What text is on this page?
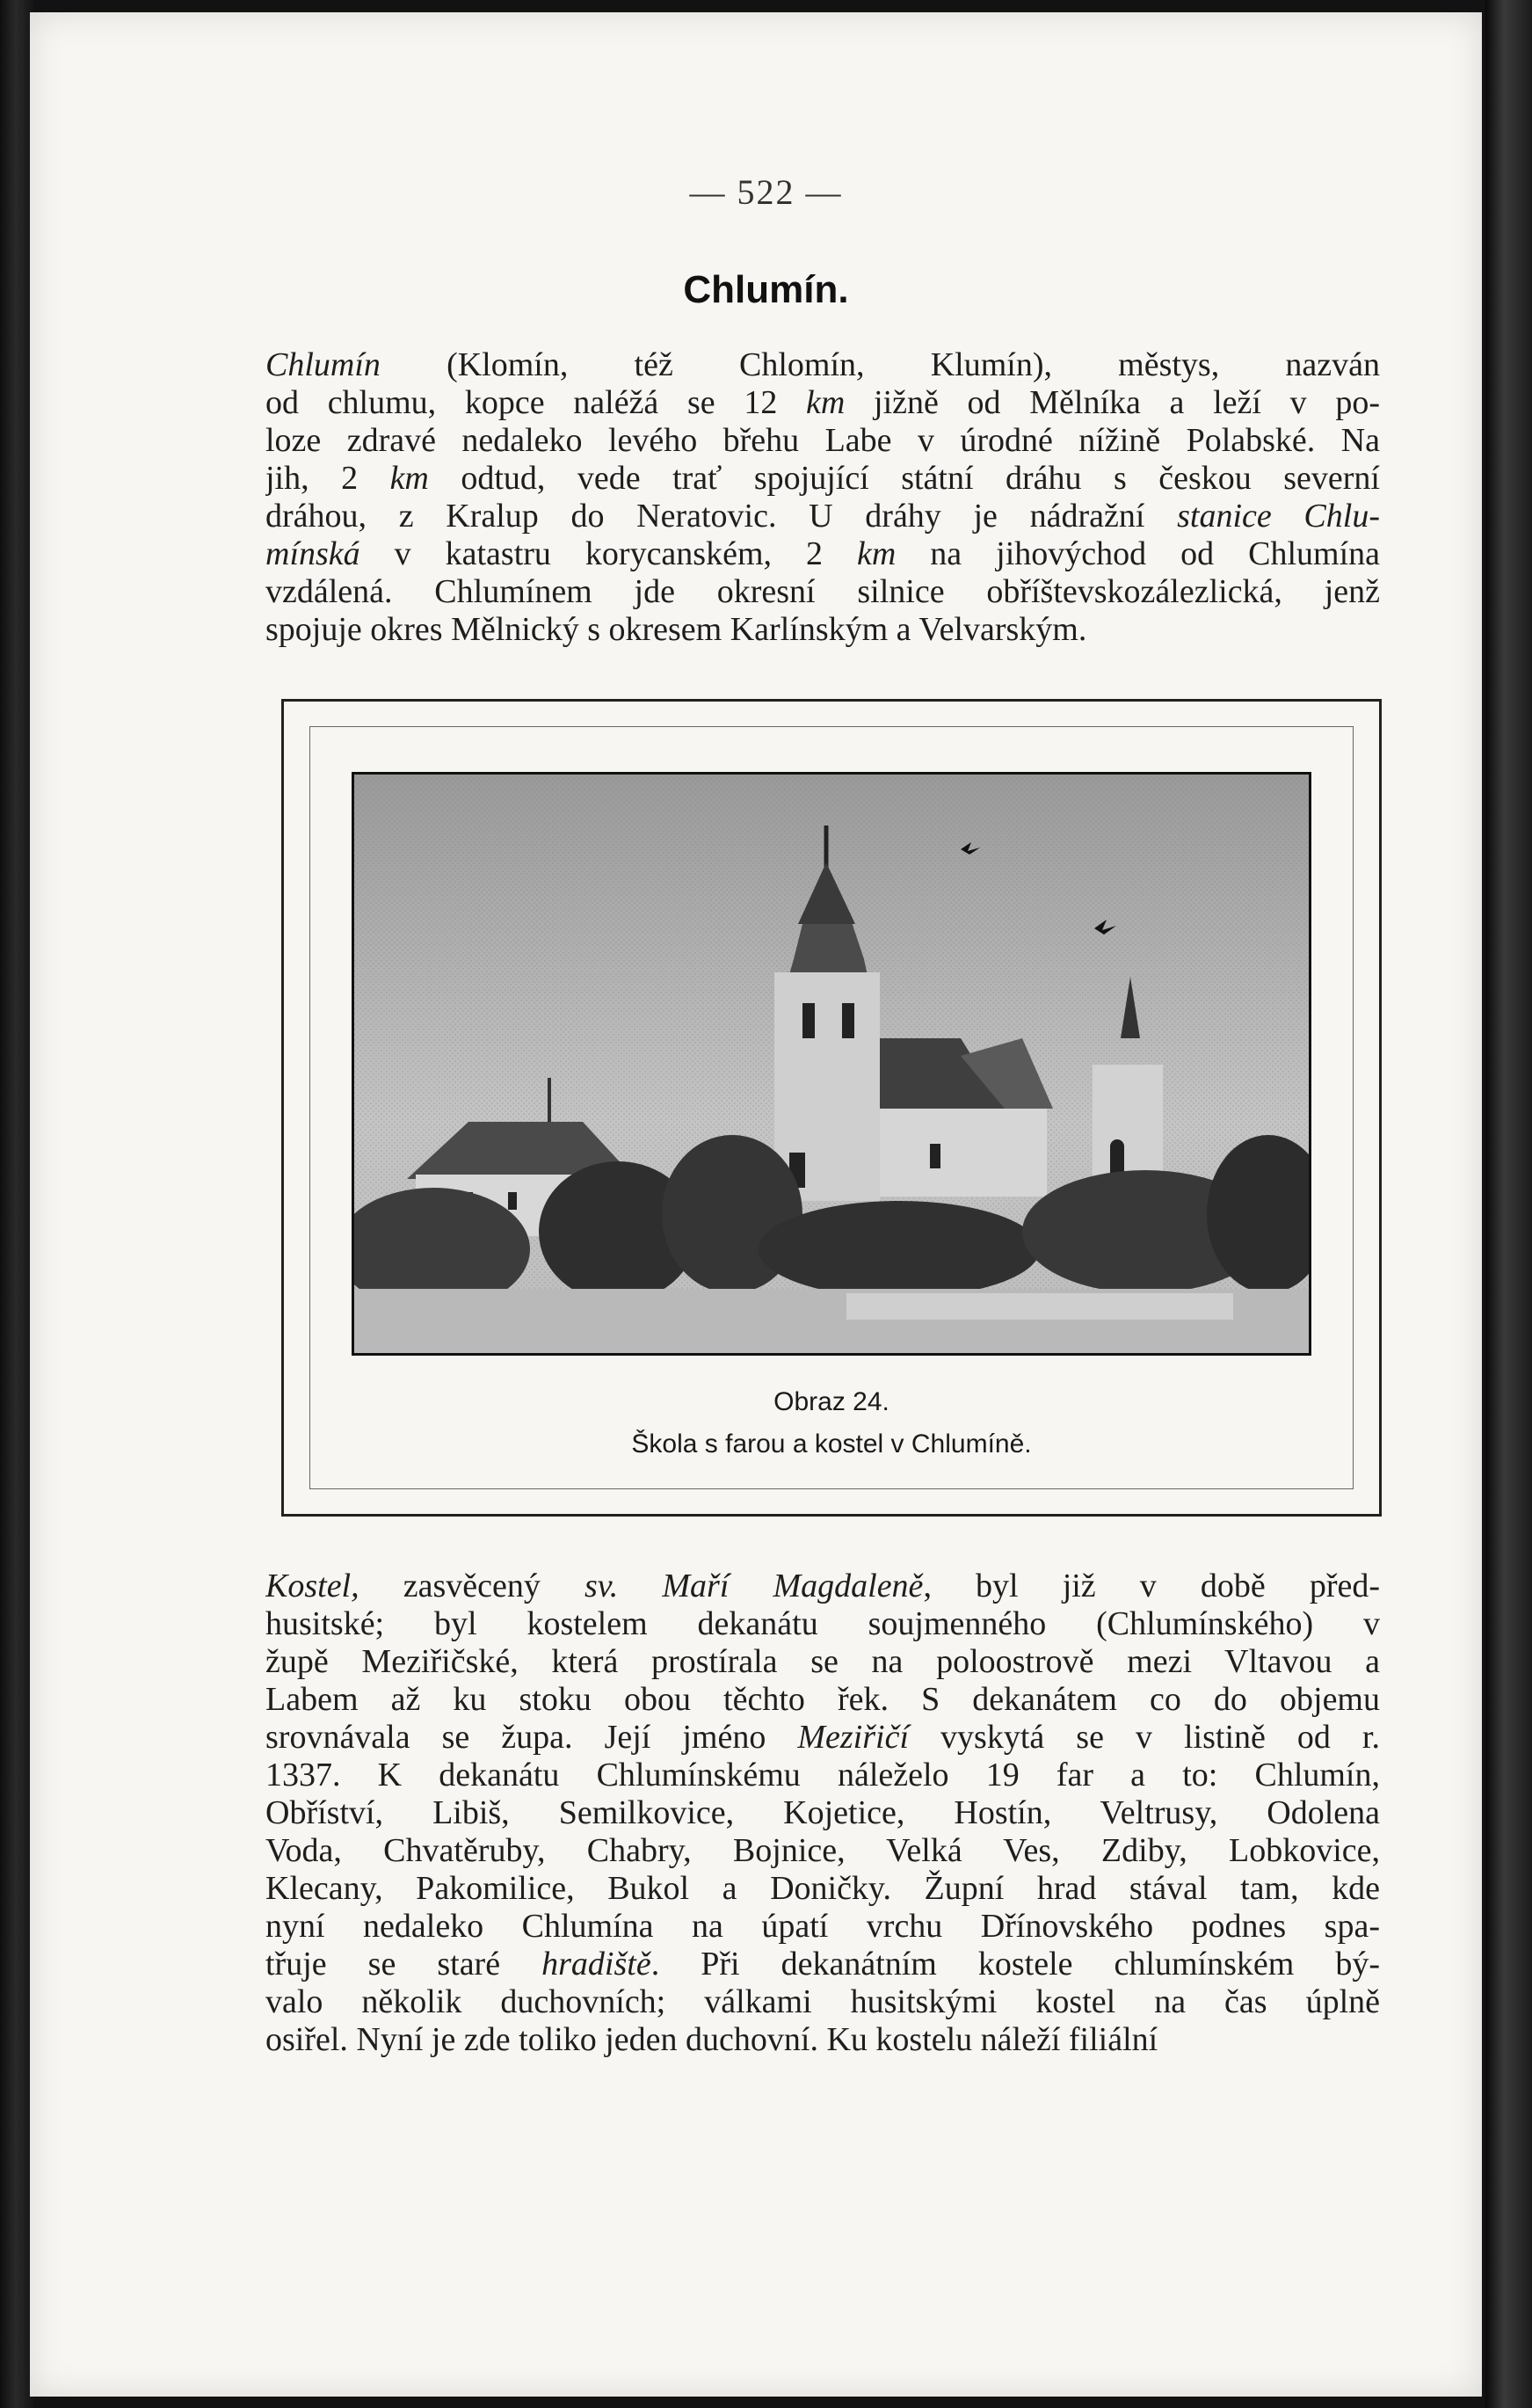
— 522 —
Chlumín.
Chlumín (Klomín, též Chlomín, Klumín), městys, nazván
od chlumu, kopce naléžá se 12 km jižně od Mělníka a leží v po-
loze zdravé nedaleko levého břehu Labe v úrodné nížině Polabské. Na
jih, 2 km odtud, vede trať spojující státní dráhu s českou severní
dráhou, z Kralup do Neratovic. U dráhy je nádražní stanice Chlu-
mínská v katastru korycanském, 2 km na jihovýchod od Chlumína
vzdálená. Chlumínem jde okresní silnice obříštevskozálezlická, jenž
spojuje okres Mělnický s okresem Karlínským a Velvarským.
Obraz 24.
Škola s farou a kostel v Chlumíně.
Kostel, zasvěcený sv. Maří Magdaleně, byl již v době před-
husitské; byl kostelem dekanátu soujmenného (Chlumínského) v
župě Meziřičské, která prostírala se na poloostrově mezi Vltavou a
Labem až ku stoku obou těchto řek. S dekanátem co do objemu
srovnávala se župa. Její jméno Meziřičí vyskytá se v listině od r.
1337. K dekanátu Chlumínskému náleželo 19 far a to: Chlumín,
Obříství, Libiš, Semilkovice, Kojetice, Hostín, Veltrusy, Odolena
Voda, Chvatěruby, Chabry, Bojnice, Velká Ves, Zdiby, Lobkovice,
Klecany, Pakomilice, Bukol a Doničky. Župní hrad stával tam, kde
nyní nedaleko Chlumína na úpatí vrchu Dřínovského podnes spa-
třuje se staré hradiště. Při dekanátním kostele chlumínském bý-
valo několik duchovních; válkami husitskými kostel na čas úplně
osiřel. Nyní je zde toliko jeden duchovní. Ku kostelu náleží filiální
